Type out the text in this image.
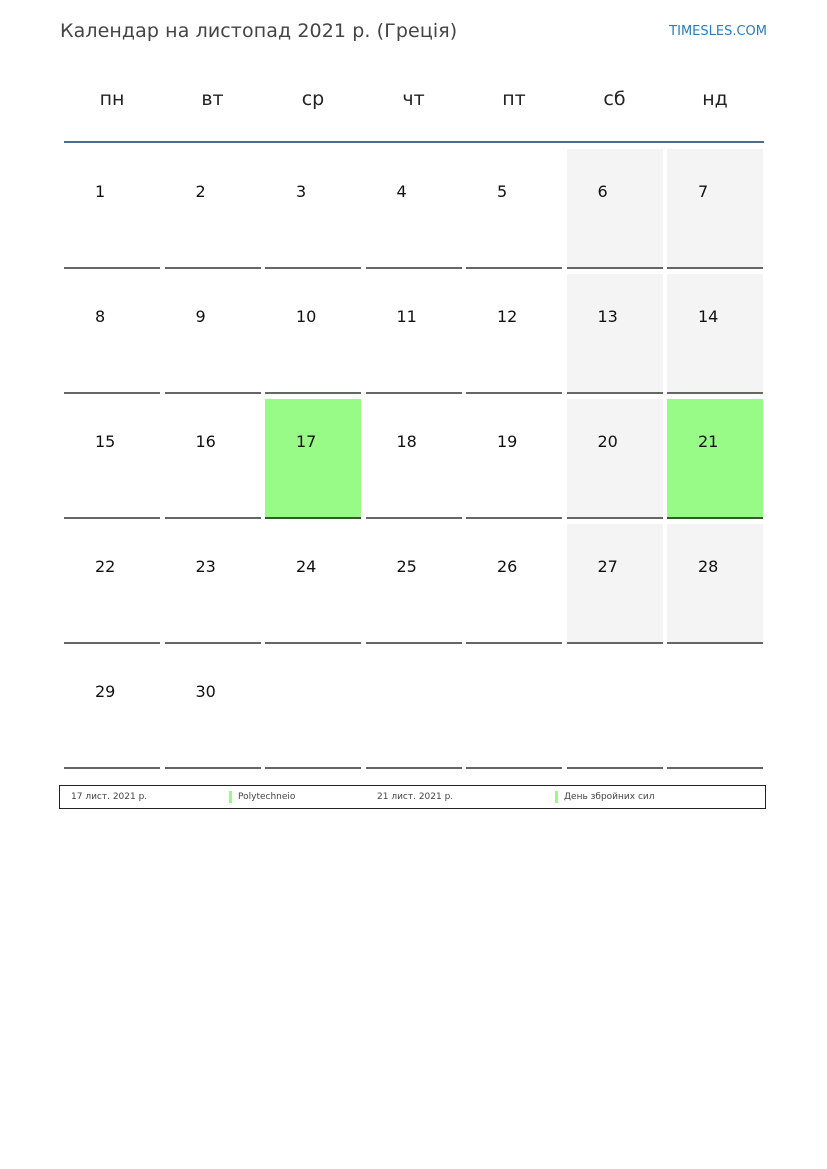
Календар на листопад 2021 р. (Греція)	TIMESLES.COM
пн	вт	ср	чт	пт	сб	нд
1	2	3	4	5	6	7
8	9	10	11	12	13	14
15	16	17	18	19	20	21
22	23	24	25	26	27	28
29	30
17 лист. 2021 р.	Polytechneio	21 лист. 2021 р.	День збройних сил
